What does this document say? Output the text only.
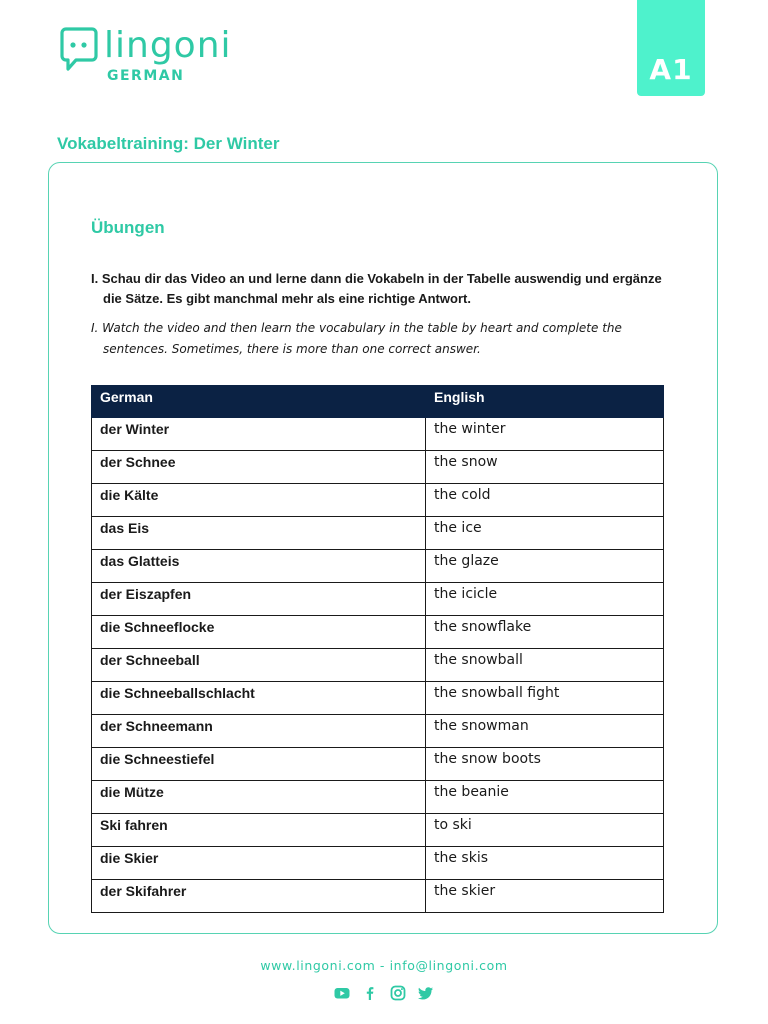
lingoni
GERMAN	A1
Vokabeltraining: Der Winter
Übungen
I. Schau dir das Video an und lerne dann die Vokabeln in der Tabelle auswendig und ergänze die Sätze. Es gibt manchmal mehr als eine richtige Antwort.
I. Watch the video and then learn the vocabulary in the table by heart and complete the sentences. Sometimes, there is more than one correct answer.
German	English
der Winter	the winter
der Schnee	the snow
die Kälte	the cold
das Eis	the ice
das Glatteis	the glaze
der Eiszapfen	the icicle
die Schneeflocke	the snowflake
der Schneeball	the snowball
die Schneeballschlacht	the snowball fight
der Schneemann	the snowman
die Schneestiefel	the snow boots
die Mütze	the beanie
Ski fahren	to ski
die Skier	the skis
der Skifahrer	the skier
www.lingoni.com - info@lingoni.com
